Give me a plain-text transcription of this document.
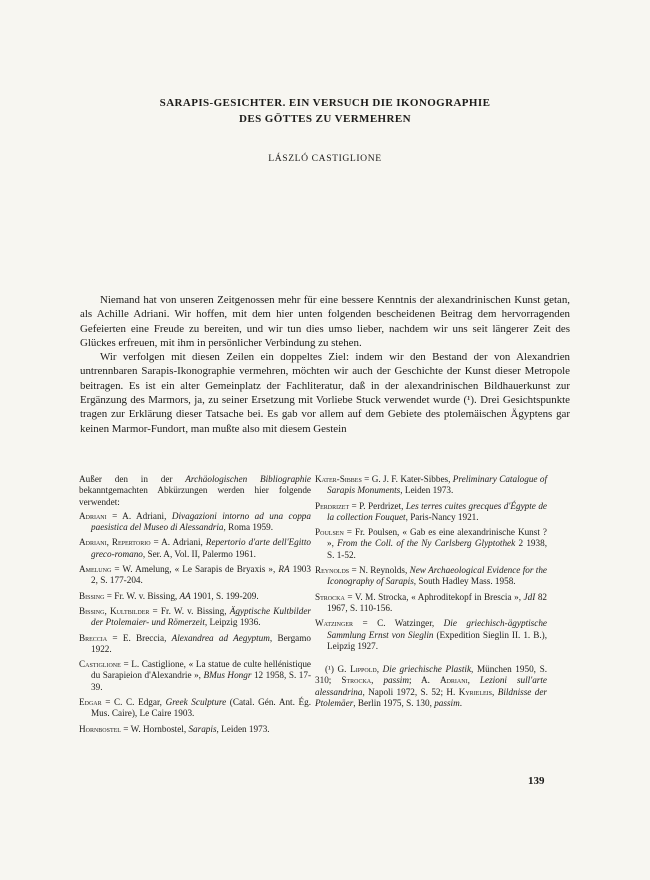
SARAPIS-GESICHTER. EIN VERSUCH DIE IKONOGRAPHIE
DES GÖTTES ZU VERMEHREN
LÁSZLÓ CASTIGLIONE

Niemand hat von unseren Zeitgenossen mehr für eine bessere Kenntnis der alexandrinischen Kunst getan, als Achille Adriani. Wir hoffen, mit dem hier unten folgenden bescheidenen Beitrag dem hervorragenden Gefeierten eine Freude zu bereiten, und wir tun dies umso lieber, nachdem wir uns seit längerer Zeit des Glückes erfreuen, mit ihm in persönlicher Verbindung zu stehen.

Wir verfolgen mit diesen Zeilen ein doppeltes Ziel: indem wir den Bestand der von Alexandrien untrennbaren Sarapis-Ikonographie vermehren, möchten wir auch der Geschichte der Kunst dieser Metropole beitragen. Es ist ein alter Gemeinplatz der Fachliteratur, daß in der alexandrinischen Bildhauerkunst zur Ergänzung des Marmors, ja, zu seiner Ersetzung mit Vorliebe Stuck verwendet wurde (¹). Drei Gesichtspunkte tragen zur Erklärung dieser Tatsache bei. Es gab vor allem auf dem Gebiete des ptolemäischen Ägyptens gar keinen Marmor-Fundort, man mußte also mit diesem Gestein

Außer den in der Archäologischen Bibliographie bekanntgemachten Abkürzungen werden hier folgende verwendet:

Adriani = A. Adriani, Divagazioni intorno ad una coppa paesistica del Museo di Alessandria, Roma 1959.

Adriani, Repertorio = A. Adriani, Repertorio d'arte dell'Egitto greco-romano, Ser. A, Vol. II, Palermo 1961.

Amelung = W. Amelung, « Le Sarapis de Bryaxis », RA 1903 2, S. 177-204.

Bissing = Fr. W. v. Bissing, AA 1901, S. 199-209.

Bissing, Kultbilder = Fr. W. v. Bissing, Ägyptische Kultbilder der Ptolemaier- und Römerzeit, Leipzig 1936.

Breccia = E. Breccia, Alexandrea ad Aegyptum, Bergamo 1922.

Castiglione = L. Castiglione, « La statue de culte hellénistique du Sarapieion d'Alexandrie », BMus Hongr 12 1958, S. 17-39.

Edgar = C. C. Edgar, Greek Sculpture (Catal. Gén. Ant. Ég. Mus. Caire), Le Caire 1903.

Hornbostel = W. Hornbostel, Sarapis, Leiden 1973.

Kater-Sibbes = G. J. F. Kater-Sibbes, Preliminary Catalogue of Sarapis Monuments, Leiden 1973.

Perdrizet = P. Perdrizet, Les terres cuites grecques d'Égypte de la collection Fouquet, Paris-Nancy 1921.

Poulsen = Fr. Poulsen, « Gab es eine alexandrinische Kunst ? », From the Coll. of the Ny Carlsberg Glyptothek 2 1938, S. 1-52.

Reynolds = N. Reynolds, New Archaeological Evidence for the Iconography of Sarapis, South Hadley Mass. 1958.

Strocka = V. M. Strocka, « Aphroditekopf in Brescia », JdI 82 1967, S. 110-156.

Watzinger = C. Watzinger, Die griechisch-ägyptische Sammlung Ernst von Sieglin (Expedition Sieglin II. 1. B.), Leipzig 1927.

(¹) G. Lippold, Die griechische Plastik, München 1950, S. 310; Strocka, passim; A. Adriani, Lezioni sull'arte alessandrina, Napoli 1972, S. 52; H. Kyrieleis, Bildnisse der Ptolemäer, Berlin 1975, S. 130, passim.

139
